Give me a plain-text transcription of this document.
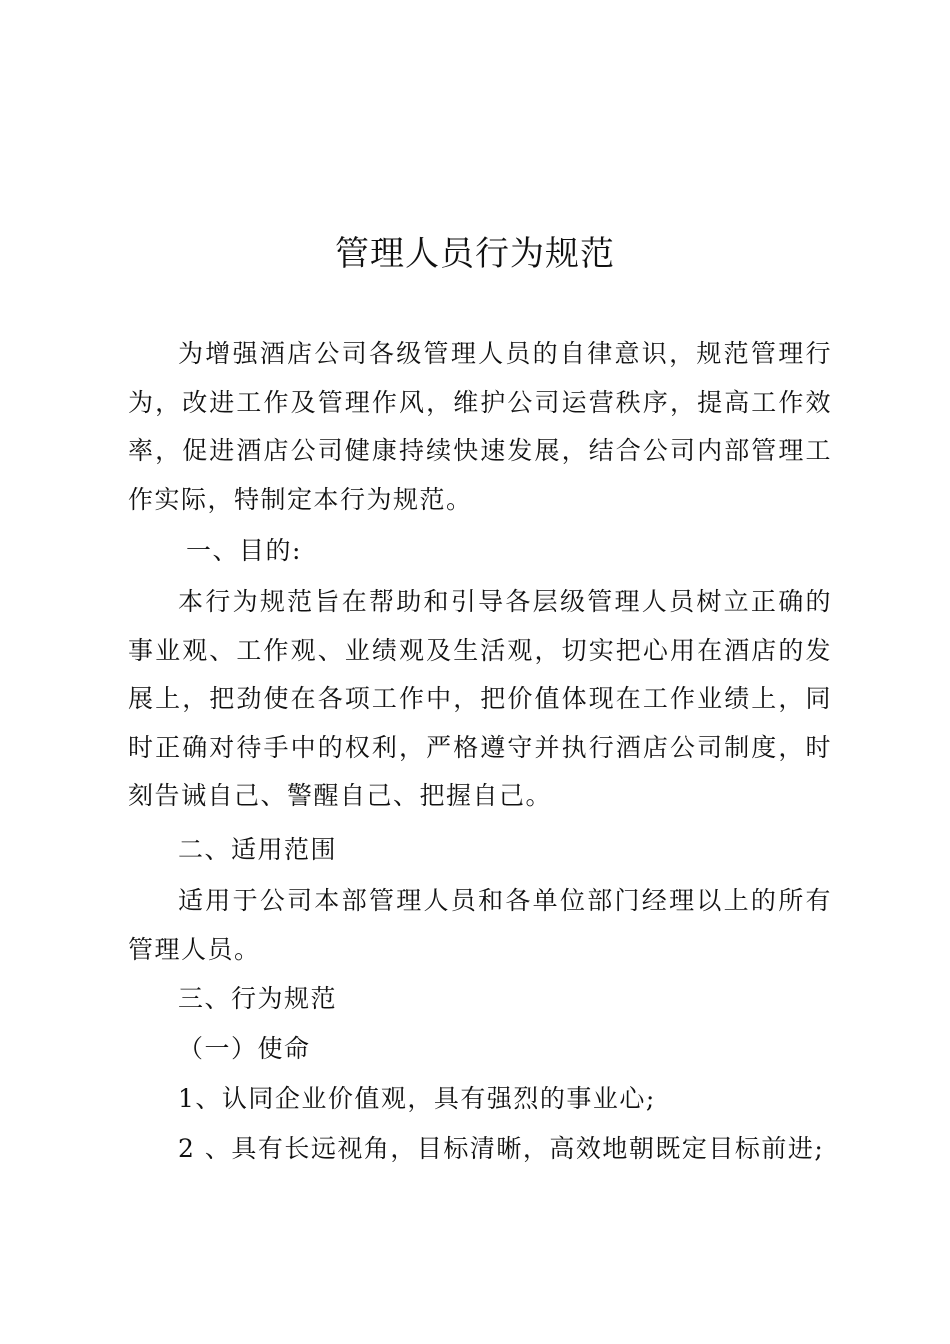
管理人员行为规范

为增强酒店公司各级管理人员的自律意识，规范管理行为，改进工作及管理作风，维护公司运营秩序，提高工作效率，促进酒店公司健康持续快速发展，结合公司内部管理工作实际，特制定本行为规范。

一、目的:

本行为规范旨在帮助和引导各层级管理人员树立正确的事业观、工作观、业绩观及生活观，切实把心用在酒店的发展上，把劲使在各项工作中，把价值体现在工作业绩上，同时正确对待手中的权利，严格遵守并执行酒店公司制度，时刻告诫自己、警醒自己、把握自己。

二、适用范围

适用于公司本部管理人员和各单位部门经理以上的所有管理人员。

三、行为规范

（一）使命

1、认同企业价值观，具有强烈的事业心;

2 、具有长远视角，目标清晰，高效地朝既定目标前进;
